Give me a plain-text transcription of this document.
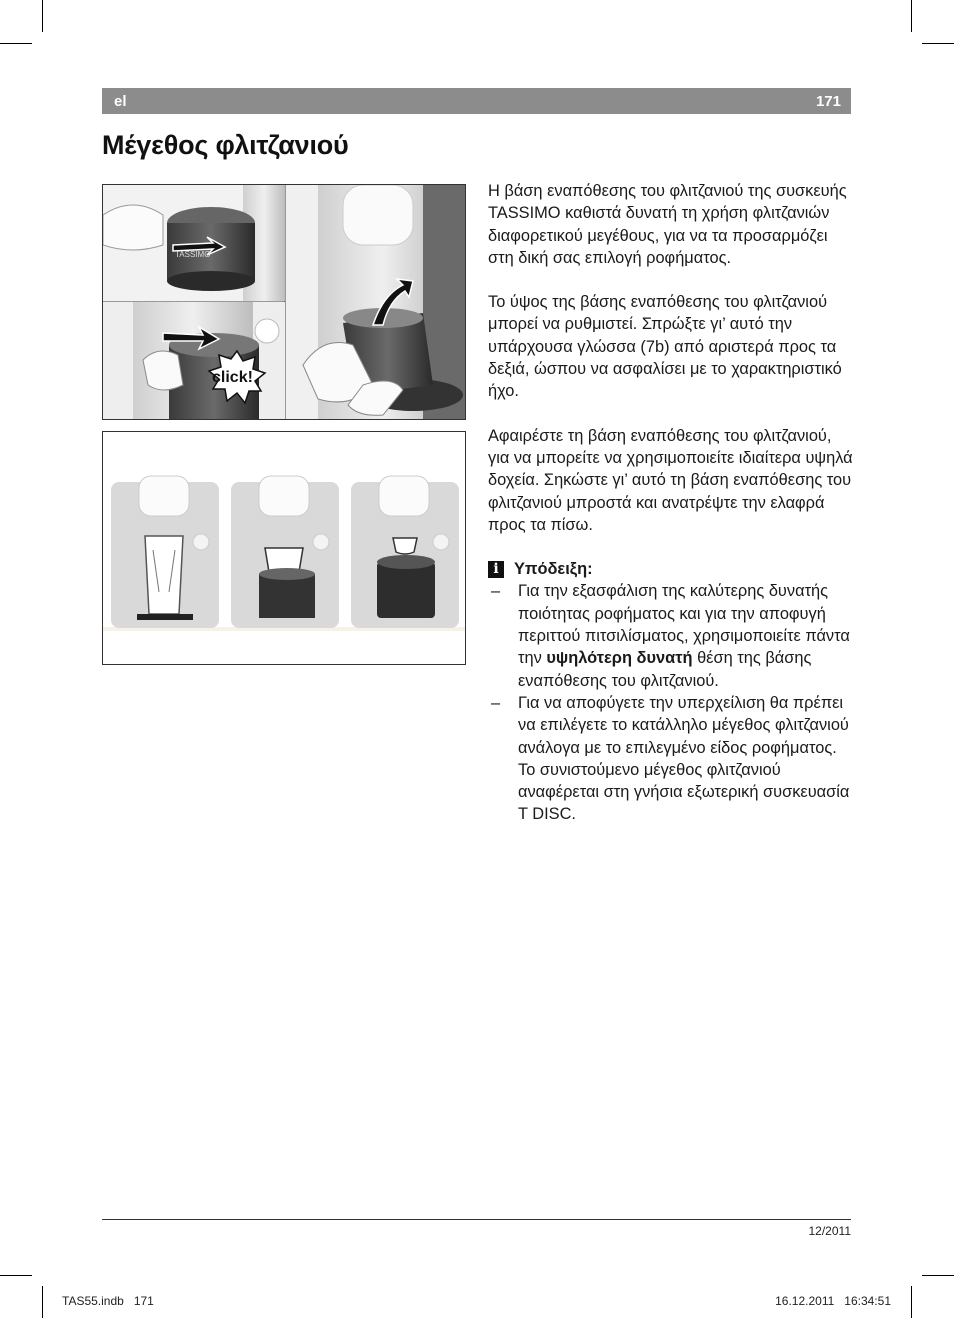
el	171
Μέγεθος φλιτζανιού
TASSIMO
click!

Η βάση εναπόθεσης του φλιτζανιού της συσκευής TASSIMO καθιστά δυνατή τη χρήση φλιτζανιών διαφορετικού μεγέθους, για να τα προσαρμόζει στη δική σας επιλογή ροφήματος.

Το ύψος της βάσης εναπόθεσης του φλιτζανιού μπορεί να ρυθμιστεί. Σπρώξτε γι’ αυτό την υπάρχουσα γλώσσα (7b) από αριστερά προς τα δεξιά, ώσπου να ασφαλίσει με το χαρακτηριστικό ήχο.

Αφαιρέστε τη βάση εναπόθεσης του φλιτζανιού, για να μπορείτε να χρησιμοποιείτε ιδιαίτερα υψηλά δοχεία. Σηκώστε γι’ αυτό τη βάση εναπόθεσης του φλιτζανιού μπροστά και ανατρέψτε την ελαφρά προς τα πίσω.

i Υπόδειξη:
– Για την εξασφάλιση της καλύτερης δυνατής ποιότητας ροφήματος και για την αποφυγή περιττού πιτσιλίσματος, χρησιμοποιείτε πάντα την υψηλότερη δυνατή θέση της βάσης εναπόθεσης του φλιτζανιού.
– Για να αποφύγετε την υπερχείλιση θα πρέπει να επιλέγετε το κατάλληλο μέγεθος φλιτζανιού ανάλογα με το επιλεγμένο είδος ροφήματος. Το συνιστούμενο μέγεθος φλιτζανιού αναφέρεται στη γνήσια εξωτερική συσκευασία T DISC.
12/2011
TAS55.indb   171	16.12.2011   16:34:51
